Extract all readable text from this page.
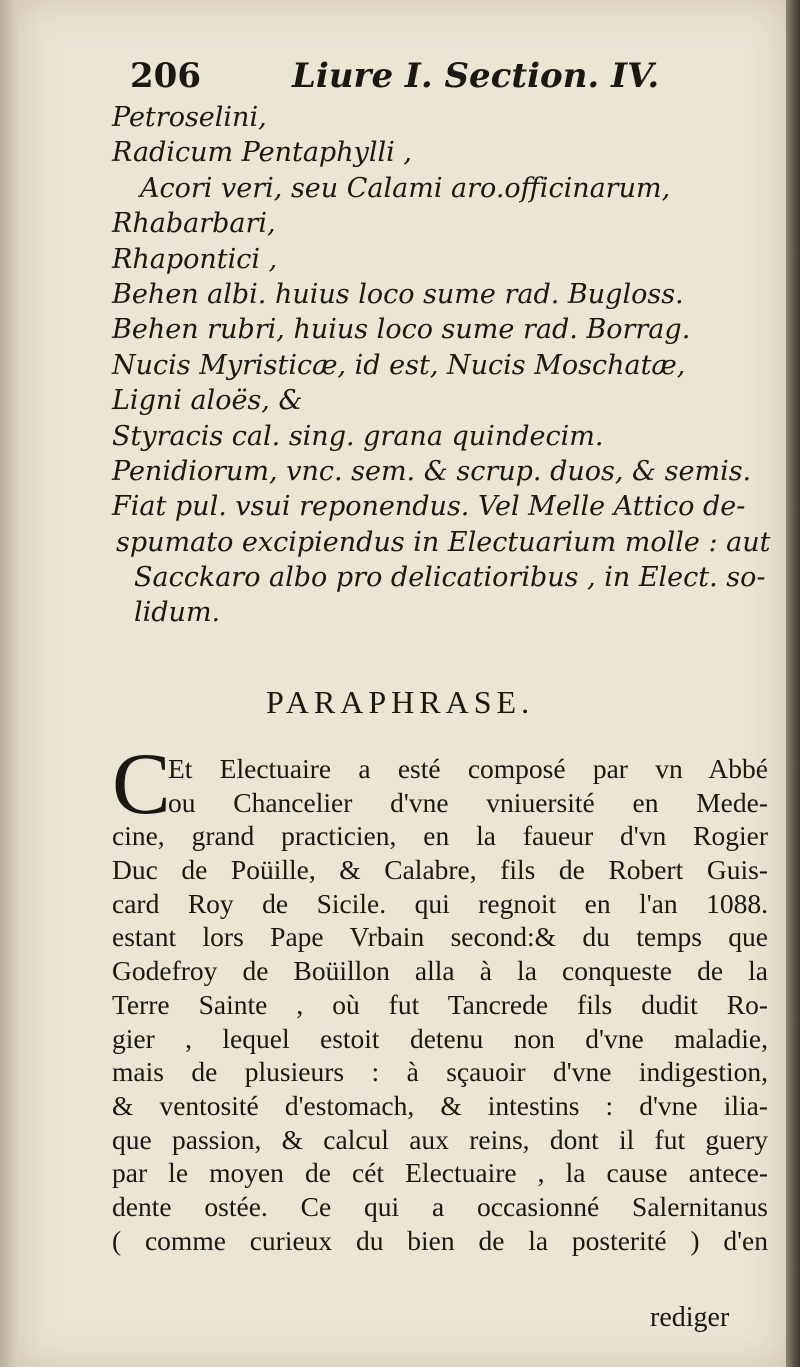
206	Liure I. Section. IV.
Petroselini,
Radicum Pentaphylli ,
Acori veri, seu Calami aro.officinarum,
Rhabarbari,
Rhapontici ,
Behen albi. huius loco sume rad. Bugloss.
Behen rubri, huius loco sume rad. Borrag.
Nucis Myristicæ, id est, Nucis Moschatæ,
Ligni aloës, &
Styracis cal. sing. grana quindecim.
Penidiorum, vnc. sem. & scrup. duos, & semis.
Fiat pul. vsui reponendus. Vel Melle Attico de-
spumato excipiendus in Electuarium molle : aut
Sacckaro albo pro delicatioribus , in Elect. so-
lidum.
PARAPHRASE.
C
Et Electuaire a esté composé par vn Abbé
ou Chancelier d'vne vniuersité en Mede-
cine, grand practicien, en la faueur d'vn Rogier
Duc de Poüille, & Calabre, fils de Robert Guis-
card Roy de Sicile. qui regnoit en l'an 1088.
estant lors Pape Vrbain second:& du temps que
Godefroy de Boüillon alla à la conqueste de la
Terre Sainte , où fut Tancrede fils dudit Ro-
gier , lequel estoit detenu non d'vne maladie,
mais de plusieurs : à sçauoir d'vne indigestion,
& ventosité d'estomach, & intestins : d'vne ilia-
que passion, & calcul aux reins, dont il fut guery
par le moyen de cét Electuaire , la cause antece-
dente ostée. Ce qui a occasionné Salernitanus
( comme curieux du bien de la posterité ) d'en
rediger
